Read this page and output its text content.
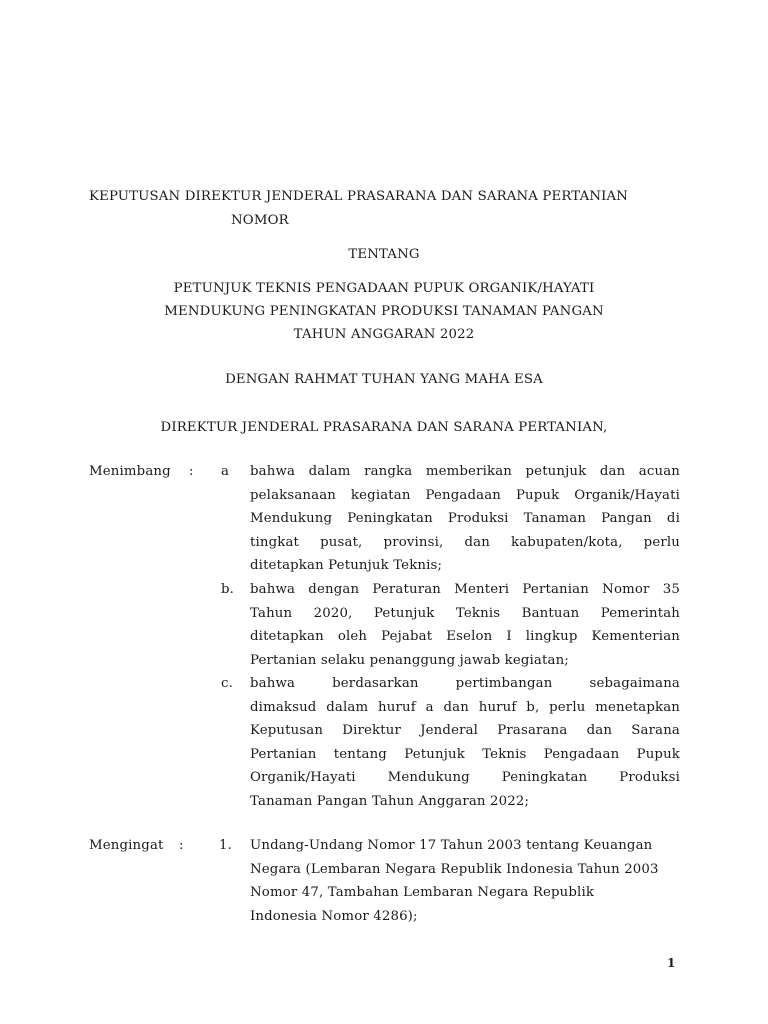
KEPUTUSAN DIREKTUR JENDERAL PRASARANA DAN SARANA PERTANIAN
NOMOR
TENTANG
PETUNJUK TEKNIS PENGADAAN PUPUK ORGANIK/HAYATI
MENDUKUNG PENINGKATAN PRODUKSI TANAMAN PANGAN
TAHUN ANGGARAN 2022
DENGAN RAHMAT TUHAN YANG MAHA ESA
DIREKTUR JENDERAL PRASARANA DAN SARANA PERTANIAN,
Menimbang : a bahwa dalam rangka memberikan petunjuk dan acuan
pelaksanaan kegiatan Pengadaan Pupuk Organik/Hayati
Mendukung Peningkatan Produksi Tanaman Pangan di
tingkat pusat, provinsi, dan kabupaten/kota, perlu
ditetapkan Petunjuk Teknis;
b. bahwa dengan Peraturan Menteri Pertanian Nomor 35
Tahun 2020, Petunjuk Teknis Bantuan Pemerintah
ditetapkan oleh Pejabat Eselon I lingkup Kementerian
Pertanian selaku penanggung jawab kegiatan;
c. bahwa berdasarkan pertimbangan sebagaimana
dimaksud dalam huruf a dan huruf b, perlu menetapkan
Keputusan Direktur Jenderal Prasarana dan Sarana
Pertanian tentang Petunjuk Teknis Pengadaan Pupuk
Organik/Hayati Mendukung Peningkatan Produksi
Tanaman Pangan Tahun Anggaran 2022;
Mengingat :	1. Undang-Undang Nomor 17 Tahun 2003 tentang Keuangan
Negara (Lembaran Negara Republik Indonesia Tahun 2003
Nomor 47, Tambahan Lembaran Negara Republik
Indonesia Nomor 4286);
1
